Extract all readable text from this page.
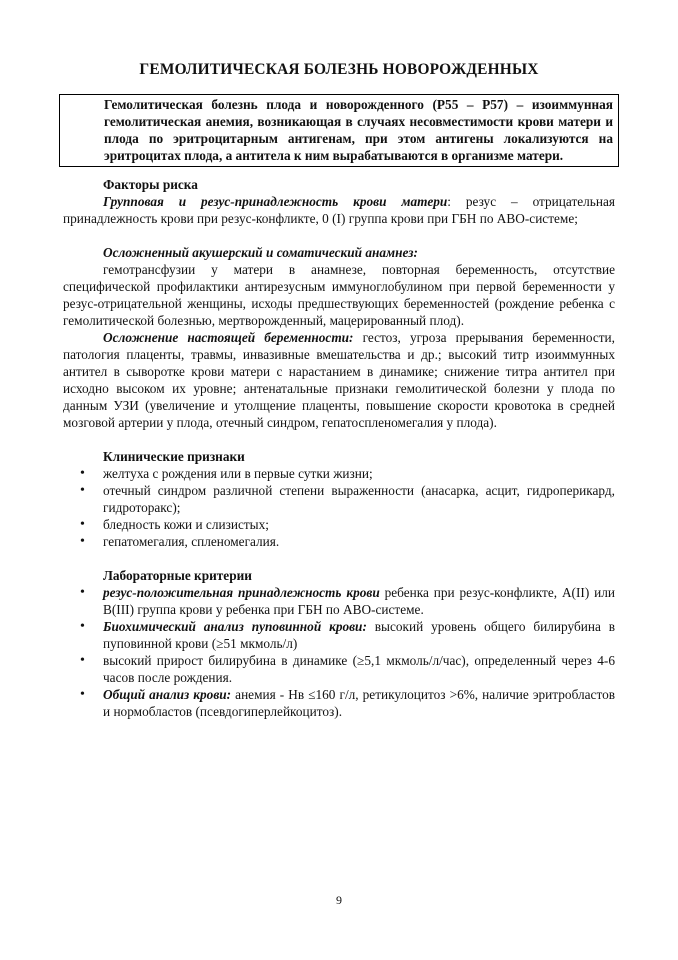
ГЕМОЛИТИЧЕСКАЯ БОЛЕЗНЬ НОВОРОЖДЕННЫХ
Гемолитическая болезнь плода и новорожденного (Р55 – Р57) – изоиммунная гемолитическая анемия, возникающая в случаях несовместимости крови матери и плода по эритроцитарным антигенам, при этом антигены локализуются на эритроцитах плода, а антитела к ним вырабатываются в организме матери.
Факторы риска
Групповая и резус-принадлежность крови матери: резус – отрицательная принадлежность крови при резус-конфликте, 0 (I) группа крови при ГБН по АВО-системе;
Осложненный акушерский и соматический анамнез:
гемотрансфузии у матери в анамнезе, повторная беременность, отсутствие специфической профилактики антирезусным иммуноглобулином при первой беременности у резус-отрицательной женщины, исходы предшествующих беременностей (рождение ребенка с гемолитической болезнью, мертворожденный, мацерированный плод).
Осложнение настоящей беременности: гестоз, угроза прерывания беременности, патология плаценты, травмы, инвазивные вмешательства и др.; высокий титр изоиммунных антител в сыворотке крови матери с нарастанием в динамике; снижение титра антител при исходно высоком их уровне; антенатальные признаки гемолитической болезни у плода по данным УЗИ (увеличение и утолщение плаценты, повышение скорости кровотока в средней мозговой артерии у плода, отечный синдром, гепатоспленомегалия у плода).
Клинические признаки
• желтуха с рождения или в первые сутки жизни;
• отечный синдром различной степени выраженности (анасарка, асцит, гидроперикард, гидроторакс);
• бледность кожи и слизистых;
• гепатомегалия, спленомегалия.
Лабораторные критерии
• резус-положительная принадлежность крови ребенка при резус-конфликте, А(II) или В(III) группа крови у ребенка при ГБН по АВО-системе.
• Биохимический анализ пуповинной крови: высокий уровень общего билирубина в пуповинной крови (≥51 мкмоль/л)
• высокий прирост билирубина в динамике (≥5,1 мкмоль/л/час), определенный через 4-6 часов после рождения.
• Общий анализ крови: анемия - Нв ≤160 г/л, ретикулоцитоз >6%, наличие эритробластов и нормобластов (псевдогиперлейкоцитоз).
9
